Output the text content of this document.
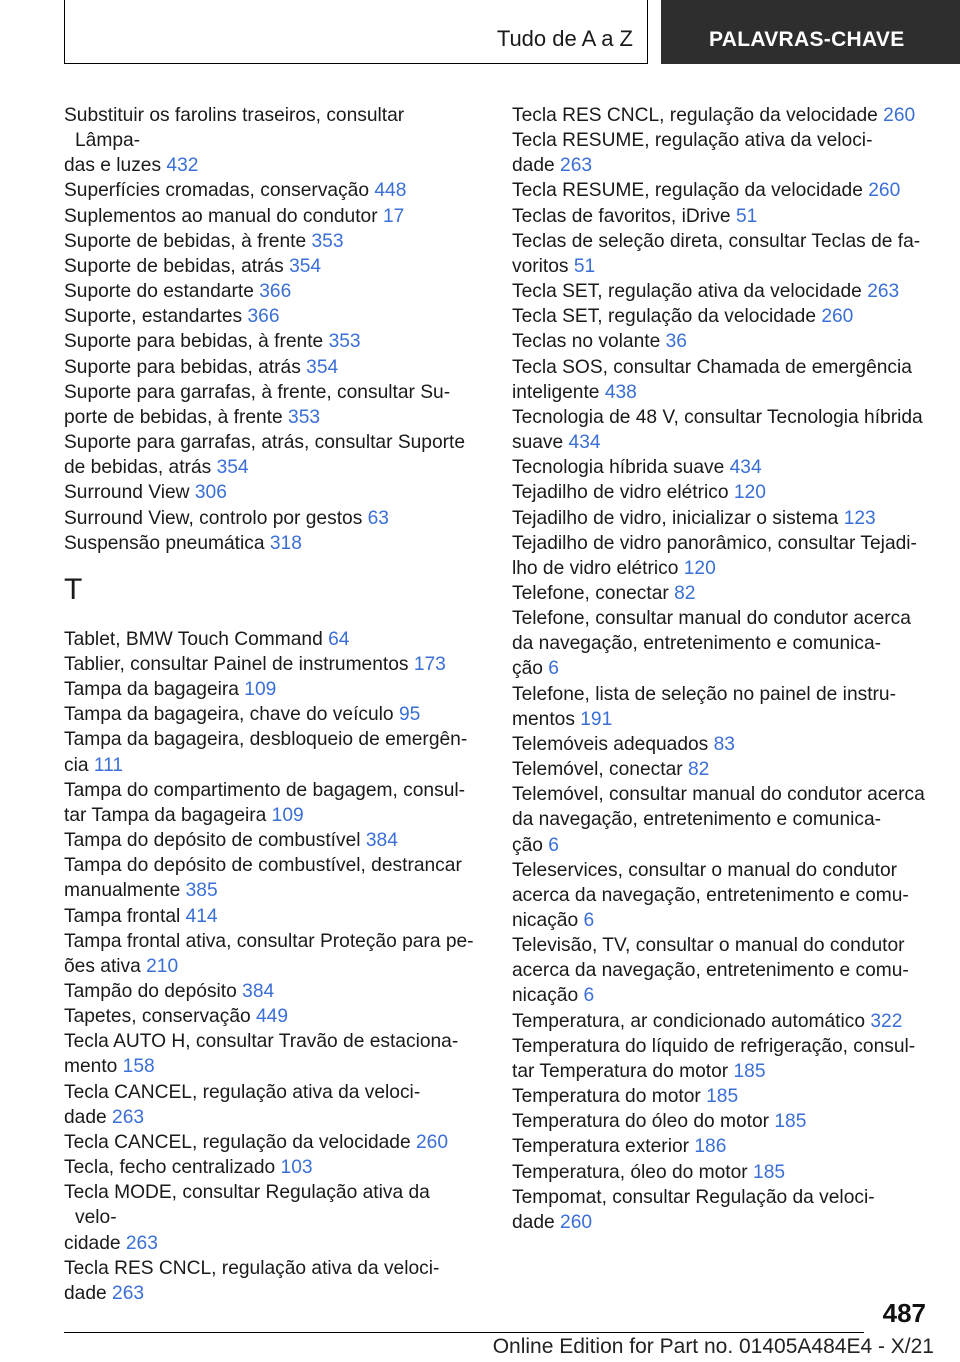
Tudo de A a Z	PALAVRAS-CHAVE

Substituir os farolins traseiros, consultar Lâmpa-
das e luzes 432

Superfícies cromadas, conservação 448

Suplementos ao manual do condutor 17

Suporte de bebidas, à frente 353

Suporte de bebidas, atrás 354

Suporte do estandarte 366

Suporte, estandartes 366

Suporte para bebidas, à frente 353

Suporte para bebidas, atrás 354

Suporte para garrafas, à frente, consultar Su-
porte de bebidas, à frente 353

Suporte para garrafas, atrás, consultar Suporte
de bebidas, atrás 354

Surround View 306

Surround View, controlo por gestos 63

Suspensão pneumática 318

T

Tablet, BMW Touch Command 64

Tablier, consultar Painel de instrumentos 173

Tampa da bagageira 109

Tampa da bagageira, chave do veículo 95

Tampa da bagageira, desbloqueio de emergên-
cia 111

Tampa do compartimento de bagagem, consul-
tar Tampa da bagageira 109

Tampa do depósito de combustível 384

Tampa do depósito de combustível, destrancar
manualmente 385

Tampa frontal 414

Tampa frontal ativa, consultar Proteção para pe-
ões ativa 210

Tampão do depósito 384

Tapetes, conservação 449

Tecla AUTO H, consultar Travão de estaciona-
mento 158

Tecla CANCEL, regulação ativa da veloci-
dade 263

Tecla CANCEL, regulação da velocidade 260

Tecla, fecho centralizado 103

Tecla MODE, consultar Regulação ativa da velo-
cidade 263

Tecla RES CNCL, regulação ativa da veloci-
dade 263

Tecla RES CNCL, regulação da velocidade 260

Tecla RESUME, regulação ativa da veloci-
dade 263

Tecla RESUME, regulação da velocidade 260

Teclas de favoritos, iDrive 51

Teclas de seleção direta, consultar Teclas de fa-
voritos 51

Tecla SET, regulação ativa da velocidade 263

Tecla SET, regulação da velocidade 260

Teclas no volante 36

Tecla SOS, consultar Chamada de emergência
inteligente 438

Tecnologia de 48 V, consultar Tecnologia híbrida
suave 434

Tecnologia híbrida suave 434

Tejadilho de vidro elétrico 120

Tejadilho de vidro, inicializar o sistema 123

Tejadilho de vidro panorâmico, consultar Tejadi-
lho de vidro elétrico 120

Telefone, conectar 82

Telefone, consultar manual do condutor acerca
da navegação, entretenimento e comunica-
ção 6

Telefone, lista de seleção no painel de instru-
mentos 191

Telemóveis adequados 83

Telemóvel, conectar 82

Telemóvel, consultar manual do condutor acerca
da navegação, entretenimento e comunica-
ção 6

Teleservices, consultar o manual do condutor
acerca da navegação, entretenimento e comu-
nicação 6

Televisão, TV, consultar o manual do condutor
acerca da navegação, entretenimento e comu-
nicação 6

Temperatura, ar condicionado automático 322

Temperatura do líquido de refrigeração, consul-
tar Temperatura do motor 185

Temperatura do motor 185

Temperatura do óleo do motor 185

Temperatura exterior 186

Temperatura, óleo do motor 185

Tempomat, consultar Regulação da veloci-
dade 260

487
Online Edition for Part no. 01405A484E4 - X/21
